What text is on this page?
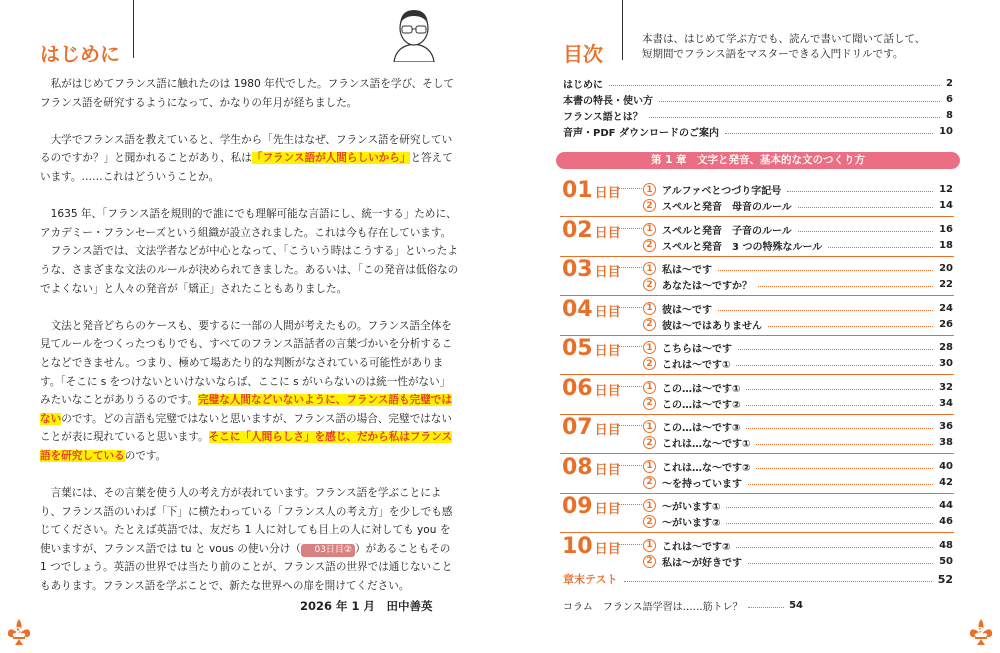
はじめに

私がはじめてフランス語に触れたのは 1980 年代でした。フランス語を学び、そしてフランス語を研究するようになって、かなりの年月が経ちました。

大学でフランス語を教えていると、学生から「先生はなぜ、フランス語を研究しているのですか？」と聞かれることがあり、私は「フランス語が人間らしいから」と答えています。……これはどういうことか。

1635 年、「フランス語を規則的で誰にでも理解可能な言語にし、統一する」ために、アカデミー・フランセーズという組織が設立されました。これは今も存在しています。

フランス語では、文法学者などが中心となって、「こういう時はこうする」といったような、さまざまな文法のルールが決められてきました。あるいは、「この発音は低俗なのでよくない」と人々の発音が「矯正」されたこともありました。

文法と発音どちらのケースも、要するに一部の人間が考えたもの。フランス語全体を見てルールをつくったつもりでも、すべてのフランス語話者の言葉づかいを分析することなどできません。つまり、極めて場あたり的な判断がなされている可能性があります。「そこに s をつけないといけないならば、ここに s がいらないのは統一性がない」みたいなことがありうるのです。完璧な人間などいないように、フランス語も完璧ではないのです。どの言語も完璧ではないと思いますが、フランス語の場合、完璧ではないことが表に現れていると思います。そこに「人間らしさ」を感じ、だから私はフランス語を研究しているのです。

言葉には、その言葉を使う人の考え方が表れています。フランス語を学ぶことにより、フランス語のいわば「下」に横たわっている「フランス人の考え方」を少しでも感じてください。たとえば英語では、友だち 1 人に対しても目上の人に対しても you を使いますが、フランス語では tu と vous の使い分け（ 03日目② ）があることもその 1 つでしょう。英語の世界では当たり前のことが、フランス語の世界では通じないこともあります。フランス語を学ぶことで、新たな世界への扉を開けてください。

2026 年 1 月　田中善英
2
目次
本書は、はじめて学ぶ方でも、読んで書いて聞いて話して、
短期間でフランス語をマスターできる入門ドリルです。
はじめに	2
本書の特長・使い方	6
フランス語とは？	8
音声・PDF ダウンロードのご案内	10
第 1 章　文字と発音、基本的な文のつくり方
01 日目	1 アルファベとつづり字記号	12
2 スペルと発音　母音のルール	14
02 日目	1 スペルと発音　子音のルール	16
2 スペルと発音　3 つの特殊なルール	18
03 日目	1 私は～です	20
2 あなたは～ですか？	22
04 日目	1 彼は～です	24
2 彼は～ではありません	26
05 日目	1 こちらは～です	28
2 これは～です①	30
06 日目	1 この…は～です①	32
2 この…は～です②	34
07 日目	1 この…は～です③	36
2 これは…な～です①	38
08 日目	1 これは…な～です②	40
2 ～を持っています	42
09 日目	1 ～がいます①	44
2 ～がいます②	46
10 日目	1 これは～です②	48
2 私は～が好きです	50
章末テスト	52
コラム　フランス語学習は……筋トレ？	54
3
